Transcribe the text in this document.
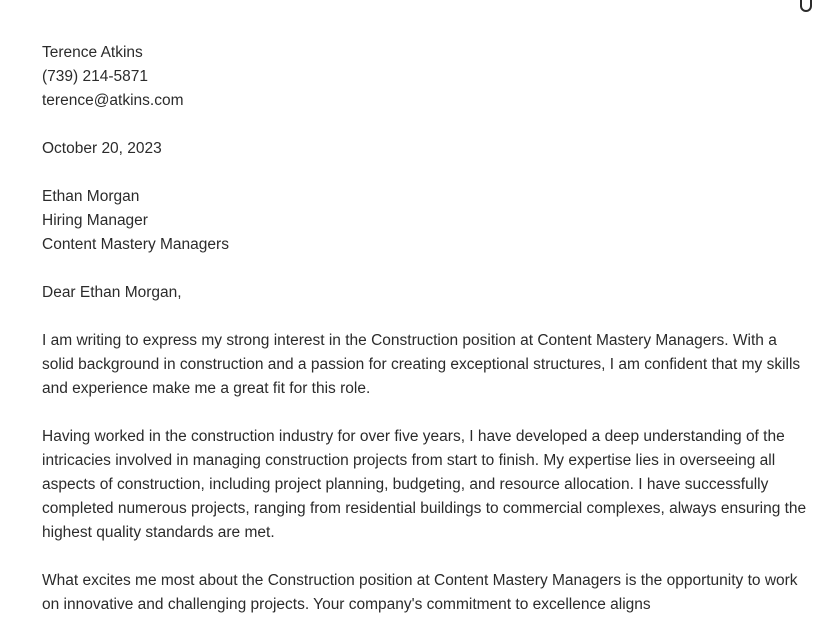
Terence Atkins
(739) 214-5871
terence@atkins.com
October 20, 2023
Ethan Morgan
Hiring Manager
Content Mastery Managers
Dear Ethan Morgan,

I am writing to express my strong interest in the Construction position at Content Mastery Managers. With a solid background in construction and a passion for creating exceptional structures, I am confident that my skills and experience make me a great fit for this role.

Having worked in the construction industry for over five years, I have developed a deep understanding of the intricacies involved in managing construction projects from start to finish. My expertise lies in overseeing all aspects of construction, including project planning, budgeting, and resource allocation. I have successfully completed numerous projects, ranging from residential buildings to commercial complexes, always ensuring the highest quality standards are met.

What excites me most about the Construction position at Content Mastery Managers is the opportunity to work on innovative and challenging projects. Your company's commitment to excellence aligns
